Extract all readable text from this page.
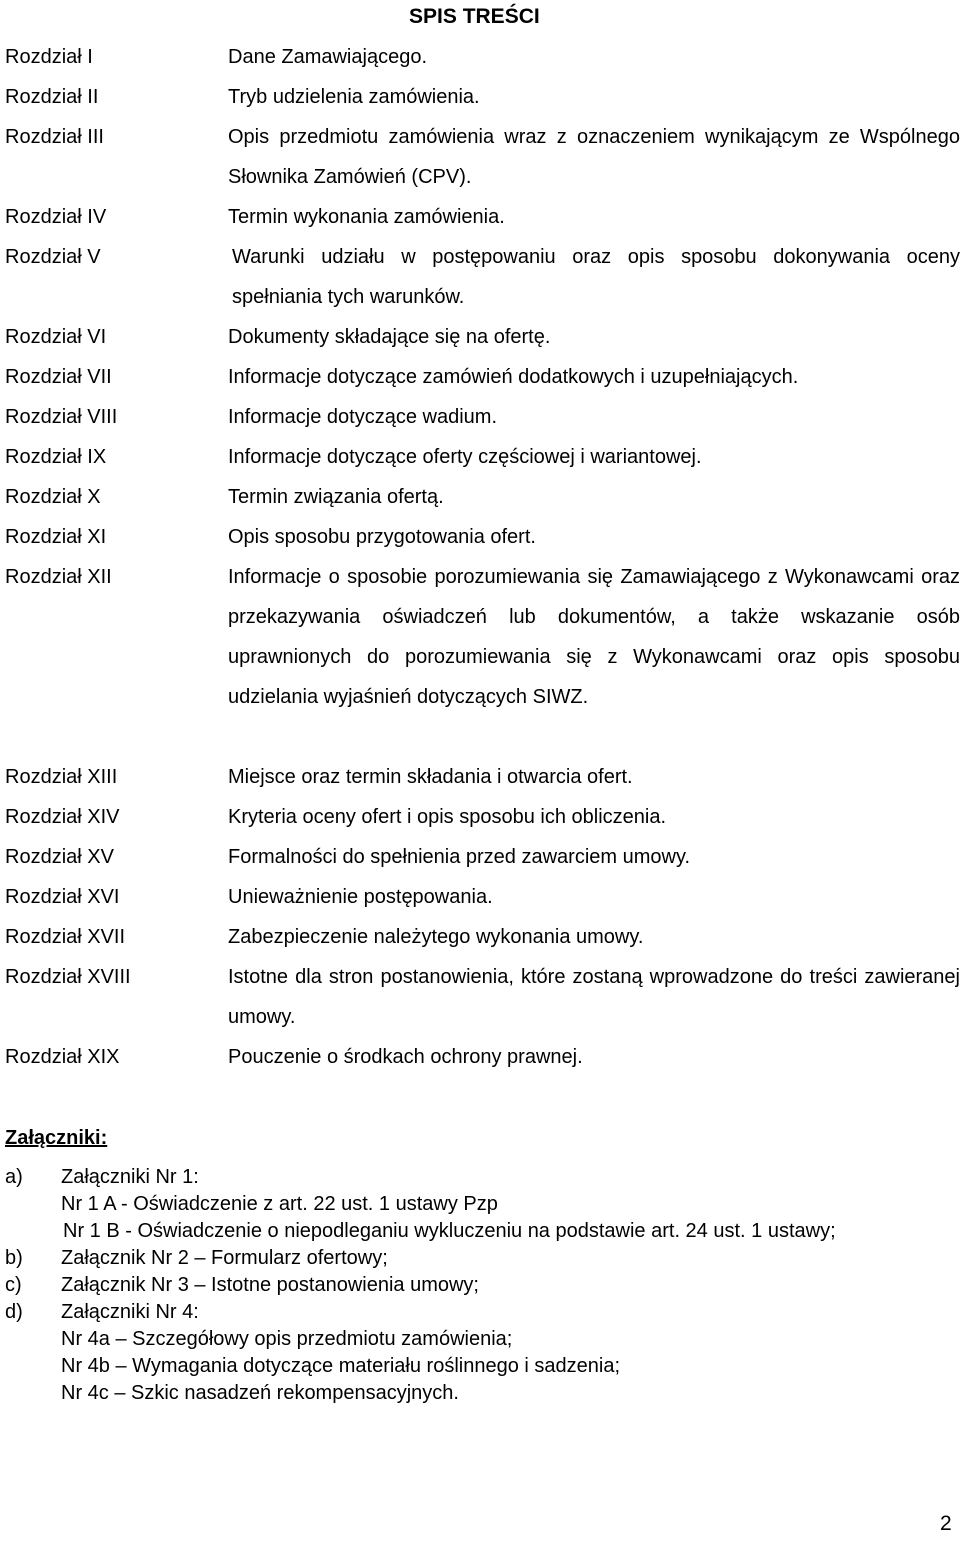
SPIS TREŚCI
Rozdział I	Dane Zamawiającego.
Rozdział II	Tryb udzielenia zamówienia.
Rozdział III	Opis przedmiotu zamówienia wraz z oznaczeniem wynikającym ze Wspólnego Słownika Zamówień (CPV).
Rozdział IV	Termin wykonania zamówienia.
Rozdział V	Warunki udziału w postępowaniu oraz opis sposobu dokonywania oceny spełniania tych warunków.
Rozdział VI	Dokumenty składające się na ofertę.
Rozdział VII	Informacje dotyczące zamówień dodatkowych i uzupełniających.
Rozdział VIII	Informacje dotyczące wadium.
Rozdział IX	Informacje dotyczące oferty częściowej i wariantowej.
Rozdział X	Termin związania ofertą.
Rozdział XI	Opis sposobu przygotowania ofert.
Rozdział XII	Informacje o sposobie porozumiewania się Zamawiającego z Wykonawcami oraz przekazywania oświadczeń lub dokumentów, a także wskazanie osób uprawnionych do porozumiewania się z Wykonawcami oraz opis sposobu udzielania wyjaśnień dotyczących SIWZ.
Rozdział XIII	Miejsce oraz termin składania i otwarcia ofert.
Rozdział XIV	Kryteria oceny ofert i opis sposobu ich obliczenia.
Rozdział XV	Formalności do spełnienia przed zawarciem umowy.
Rozdział XVI	Unieważnienie postępowania.
Rozdział XVII	Zabezpieczenie należytego wykonania umowy.
Rozdział XVIII	Istotne dla stron postanowienia, które zostaną wprowadzone do treści zawieranej umowy.
Rozdział XIX	Pouczenie o środkach ochrony prawnej.
Załączniki:
a) Załączniki Nr 1:
Nr 1 A - Oświadczenie z art. 22 ust. 1 ustawy Pzp
Nr 1 B - Oświadczenie o niepodleganiu wykluczeniu na podstawie art. 24 ust. 1 ustawy;
b) Załącznik Nr 2 – Formularz ofertowy;
c) Załącznik Nr 3 – Istotne postanowienia umowy;
d) Załączniki Nr 4:
Nr 4a – Szczegółowy opis przedmiotu zamówienia;
Nr 4b – Wymagania dotyczące materiału roślinnego i sadzenia;
Nr 4c – Szkic nasadzeń rekompensacyjnych.
2
